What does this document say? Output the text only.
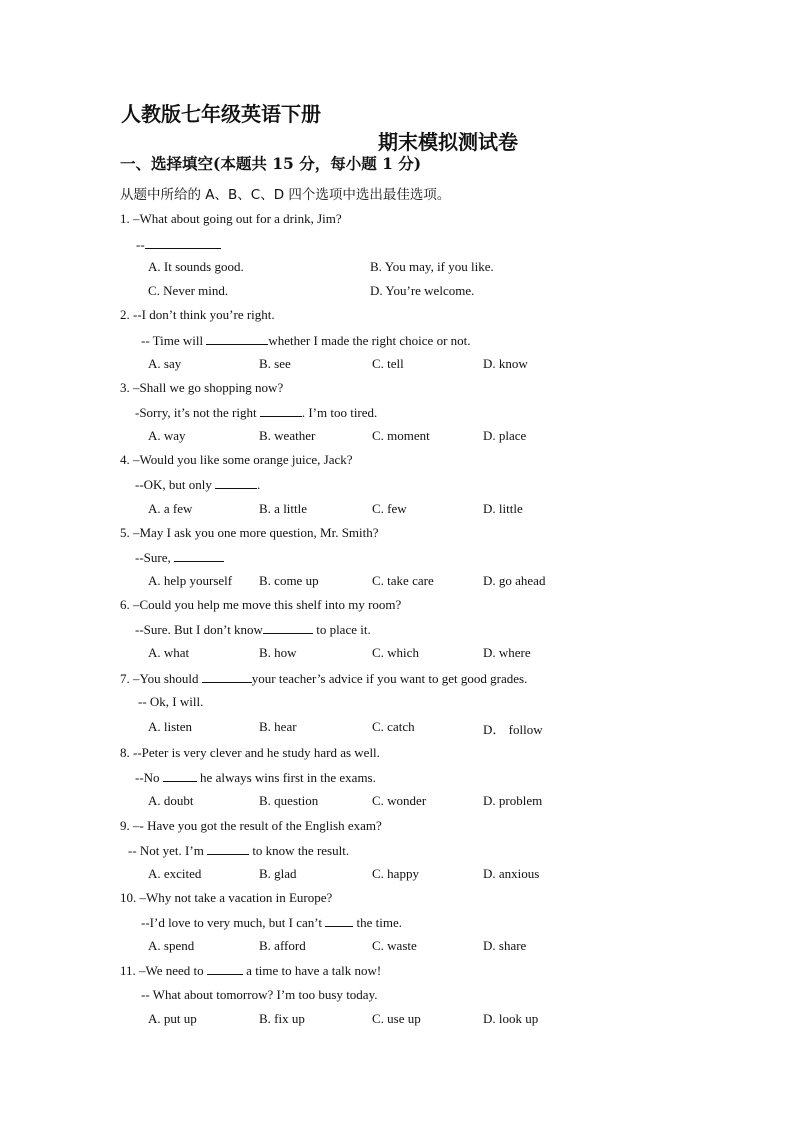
人教版七年级英语下册
期末模拟测试卷
一、选择填空(本题共 15 分，每小题 1 分)
从题中所给的 A、B、C、D 四个选项中选出最佳选项。
1. –What about going out for a drink, Jim?
--
A. It sounds good.	B. You may, if you like.
C. Never mind.	D. You’re welcome.
2. --I don’t think you’re right.
-- Time will	whether I made the right choice or not.
A. say	B. see	C. tell	D. know
3. –Shall we go shopping now?
-Sorry, it’s not the right	. I’m too tired.
A. way	B. weather	C. moment	D. place
4. –Would you like some orange juice, Jack?
--OK, but only	.
A. a few	B. a little	C. few	D. little
5. –May I ask you one more question, Mr. Smith?
--Sure,
A. help yourself B. come up	C. take care	D. go ahead
6. –Could you help me move this shelf into my room?
--Sure. But I don’t know	to place it.
A. what	B. how	C. which	D. where
7. –You should	your teacher’s advice if you want to get good grades.
-- Ok, I will.
A. listen	B. hear	C. catch	D． follow
8. --Peter is very clever and he study hard as well.
--No	he always wins first in the exams.
A. doubt	B. question	C. wonder	D. problem
9. –- Have you got the result of the English exam?
-- Not yet. I’m	to know the result.
A. excited	B. glad	C. happy	D. anxious
10. –Why not take a vacation in Europe?
--I’d love to very much, but I can’t  the time.
A. spend	B. afford	C. waste	D. share
11. –We need to	a time to have a talk now!
-- What about tomorrow? I’m too busy today.
A. put up	B. fix up	C. use up	D. look up
